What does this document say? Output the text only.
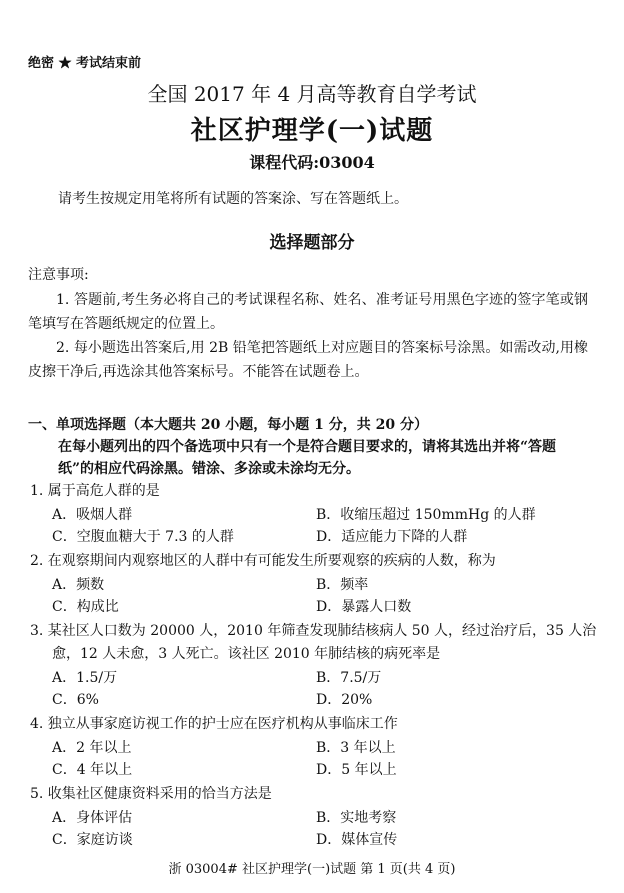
绝密 ★ 考试结束前
全国 2017 年 4 月高等教育自学考试
社区护理学(一)试题
课程代码:03004
请考生按规定用笔将所有试题的答案涂、写在答题纸上。
选择题部分
注意事项:
1. 答题前,考生务必将自己的考试课程名称、姓名、准考证号用黑色字迹的签字笔或钢笔填写在答题纸规定的位置上。
2. 每小题选出答案后,用 2B 铅笔把答题纸上对应题目的答案标号涂黑。如需改动,用橡皮擦干净后,再选涂其他答案标号。不能答在试题卷上。
一、单项选择题（本大题共 20 小题，每小题 1 分，共 20 分）
在每小题列出的四个备选项中只有一个是符合题目要求的，请将其选出并将“答题纸”的相应代码涂黑。错涂、多涂或未涂均无分。
1. 属于高危人群的是
A．吸烟人群	B．收缩压超过 150mmHg 的人群
C．空腹血糖大于 7.3 的人群	D．适应能力下降的人群
2. 在观察期间内观察地区的人群中有可能发生所要观察的疾病的人数，称为
A．频数	B．频率
C．构成比	D．暴露人口数
3. 某社区人口数为 20000 人，2010 年筛查发现肺结核病人 50 人，经过治疗后，35 人治
愈，12 人未愈，3 人死亡。该社区 2010 年肺结核的病死率是
A．1.5/万	B．7.5/万
C．6%	D．20%
4. 独立从事家庭访视工作的护士应在医疗机构从事临床工作
A．2 年以上	B．3 年以上
C．4 年以上	D．5 年以上
5. 收集社区健康资料采用的恰当方法是
A．身体评估	B．实地考察
C．家庭访谈	D．媒体宣传
浙 03004# 社区护理学(一)试题 第 1 页(共 4 页)
